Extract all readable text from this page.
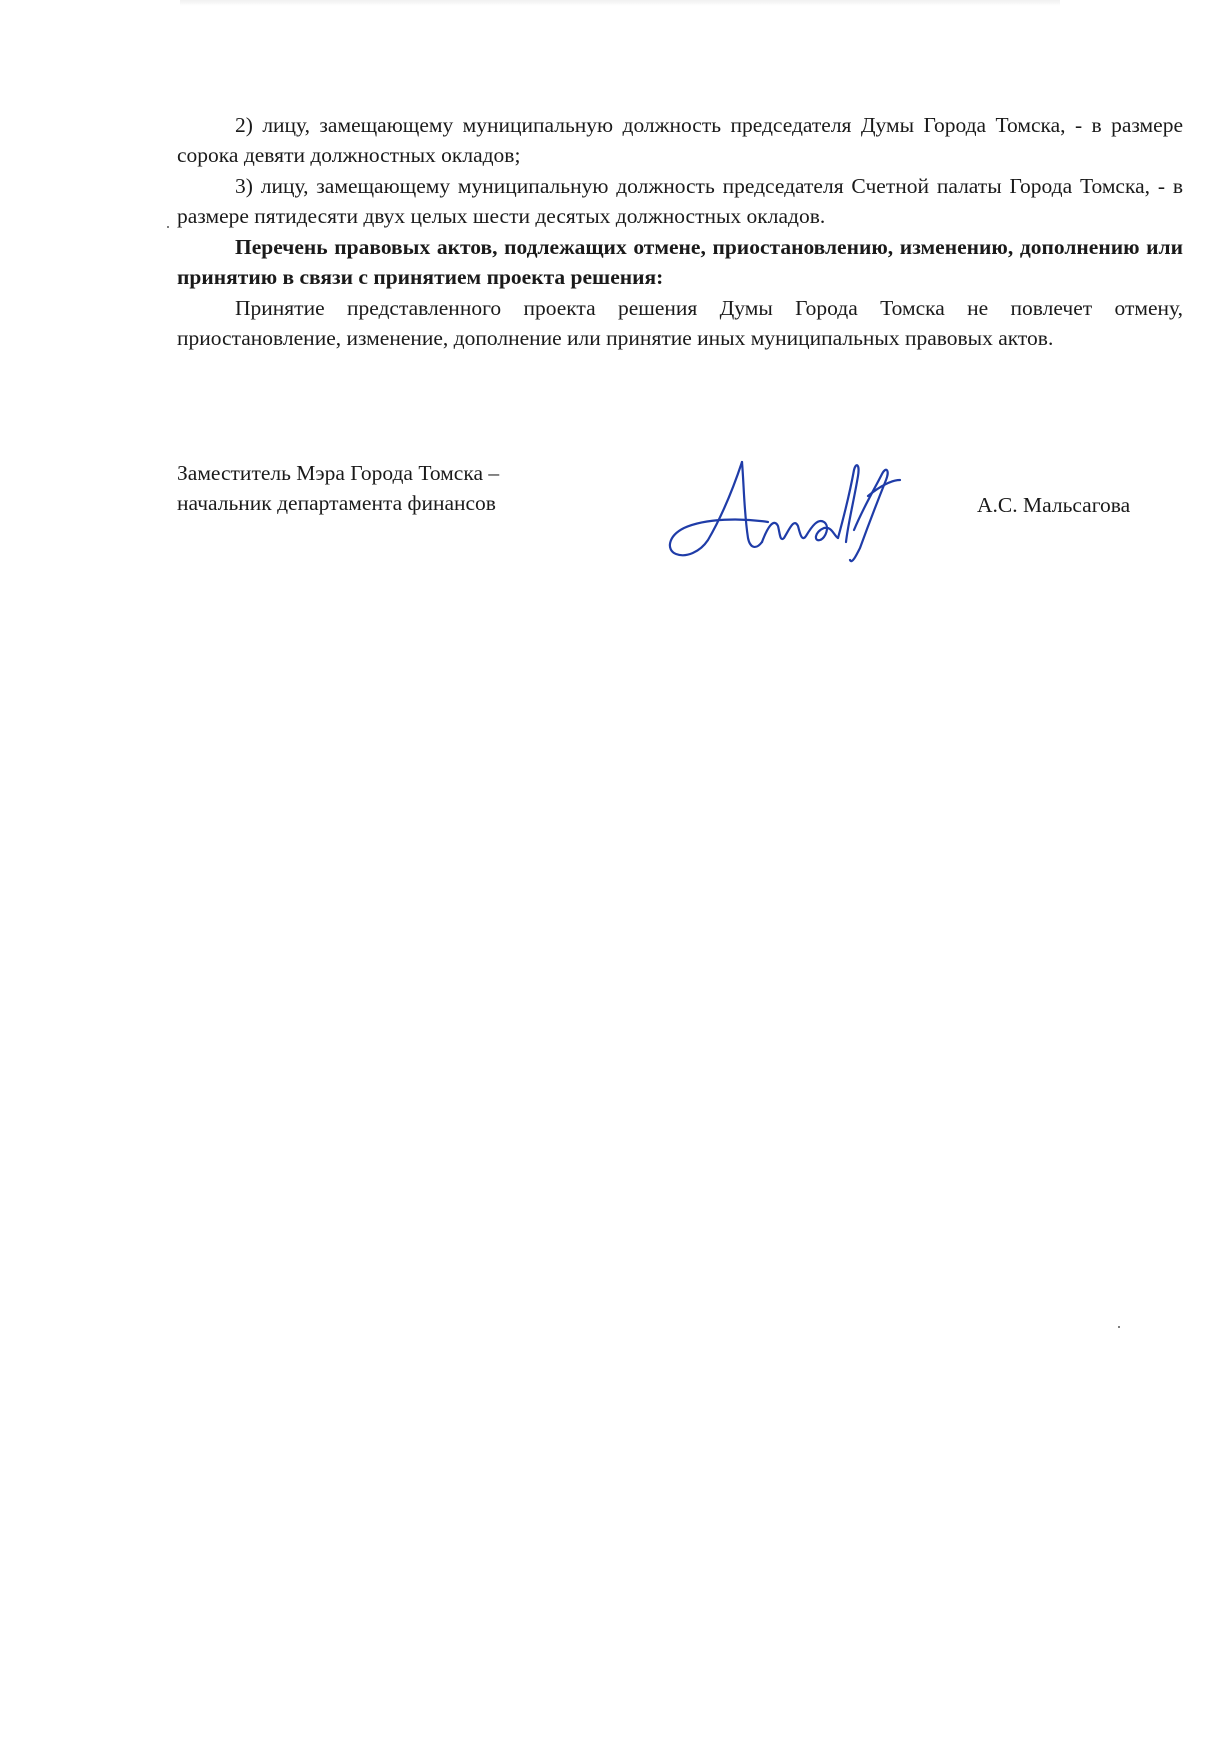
2) лицу, замещающему муниципальную должность председателя Думы Города Томска, - в размере сорока девяти должностных окладов;

3) лицу, замещающему муниципальную должность председателя Счетной палаты Города Томска, - в размере пятидесяти двух целых шести десятых должностных окладов.

Перечень правовых актов, подлежащих отмене, приостановлению, изменению, дополнению или принятию в связи с принятием проекта решения:

Принятие представленного проекта решения Думы Города Томска не повлечет отмену, приостановление, изменение, дополнение или принятие иных муниципальных правовых актов.

Заместитель Мэра Города Томска –
начальник департамента финансов	А.С. Мальсагова
